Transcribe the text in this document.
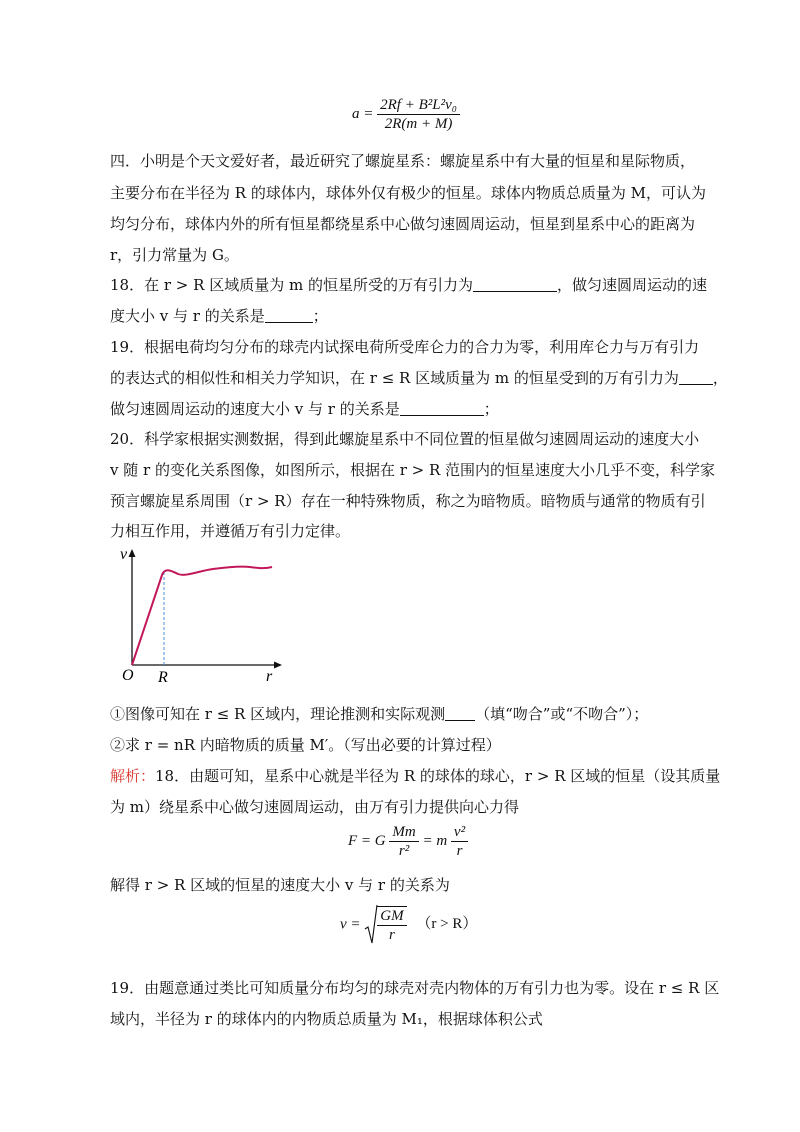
$a = \frac{\text{2Rf + B²L²v₀}}{2R(m + M)}$
四．小明是个天文爱好者，最近研究了螺旋星系：螺旋星系中有大量的恒星和星际物质，
主要分布在半径为 R 的球体内，球体外仅有极少的恒星。球体内物质总质量为 M，可认为
均匀分布，球体内外的所有恒星都绕星系中心做匀速圆周运动，恒星到星系中心的距离为
r，引力常量为 G。
18．在 r > R 区域质量为 m 的恒星所受的万有引力为	，做匀速圆周运动的速
度大小 v 与 r 的关系是	；
19．根据电荷均匀分布的球壳内试探电荷所受库仑力的合力为零，利用库仑力与万有引力
的表达式的相似性和相关力学知识，在 r ≤ R 区域质量为 m 的恒星受到的万有引力为 ，
做匀速圆周运动的速度大小 v 与 r 的关系是	；
20．科学家根据实测数据，得到此螺旋星系中不同位置的恒星做匀速圆周运动的速度大小
v 随 r 的变化关系图像，如图所示，根据在 r > R 范围内的恒星速度大小几乎不变，科学家
预言螺旋星系周围（r > R）存在一种特殊物质，称之为暗物质。暗物质与通常的物质有引
力相互作用，并遵循万有引力定律。
v
O R	r
①图像可知在 r ≤ R 区域内，理论推测和实际观测 （填“吻合”或“不吻合”）；
②求 r = nR 内暗物质的质量 M′。（写出必要的计算过程）
解析：18．由题可知，星系中心就是半径为 R 的球体的球心，r > R 区域的恒星（设其质量
为 m）绕星系中心做匀速圆周运动，由万有引力提供向心力得
F = G $\frac{Mm}{\text{r²}} = m \frac{\text{v²}}{r}$
解得 r > R 区域的恒星的速度大小 v 与 r 的关系为
$v = \frac{GM}{r} (r > R)$
19．由题意通过类比可知质量分布均匀的球壳对壳内物体的万有引力也为零。设在 r ≤ R 区
域内，半径为 r 的球体内的内物质总质量为 M₁，根据球体积公式
